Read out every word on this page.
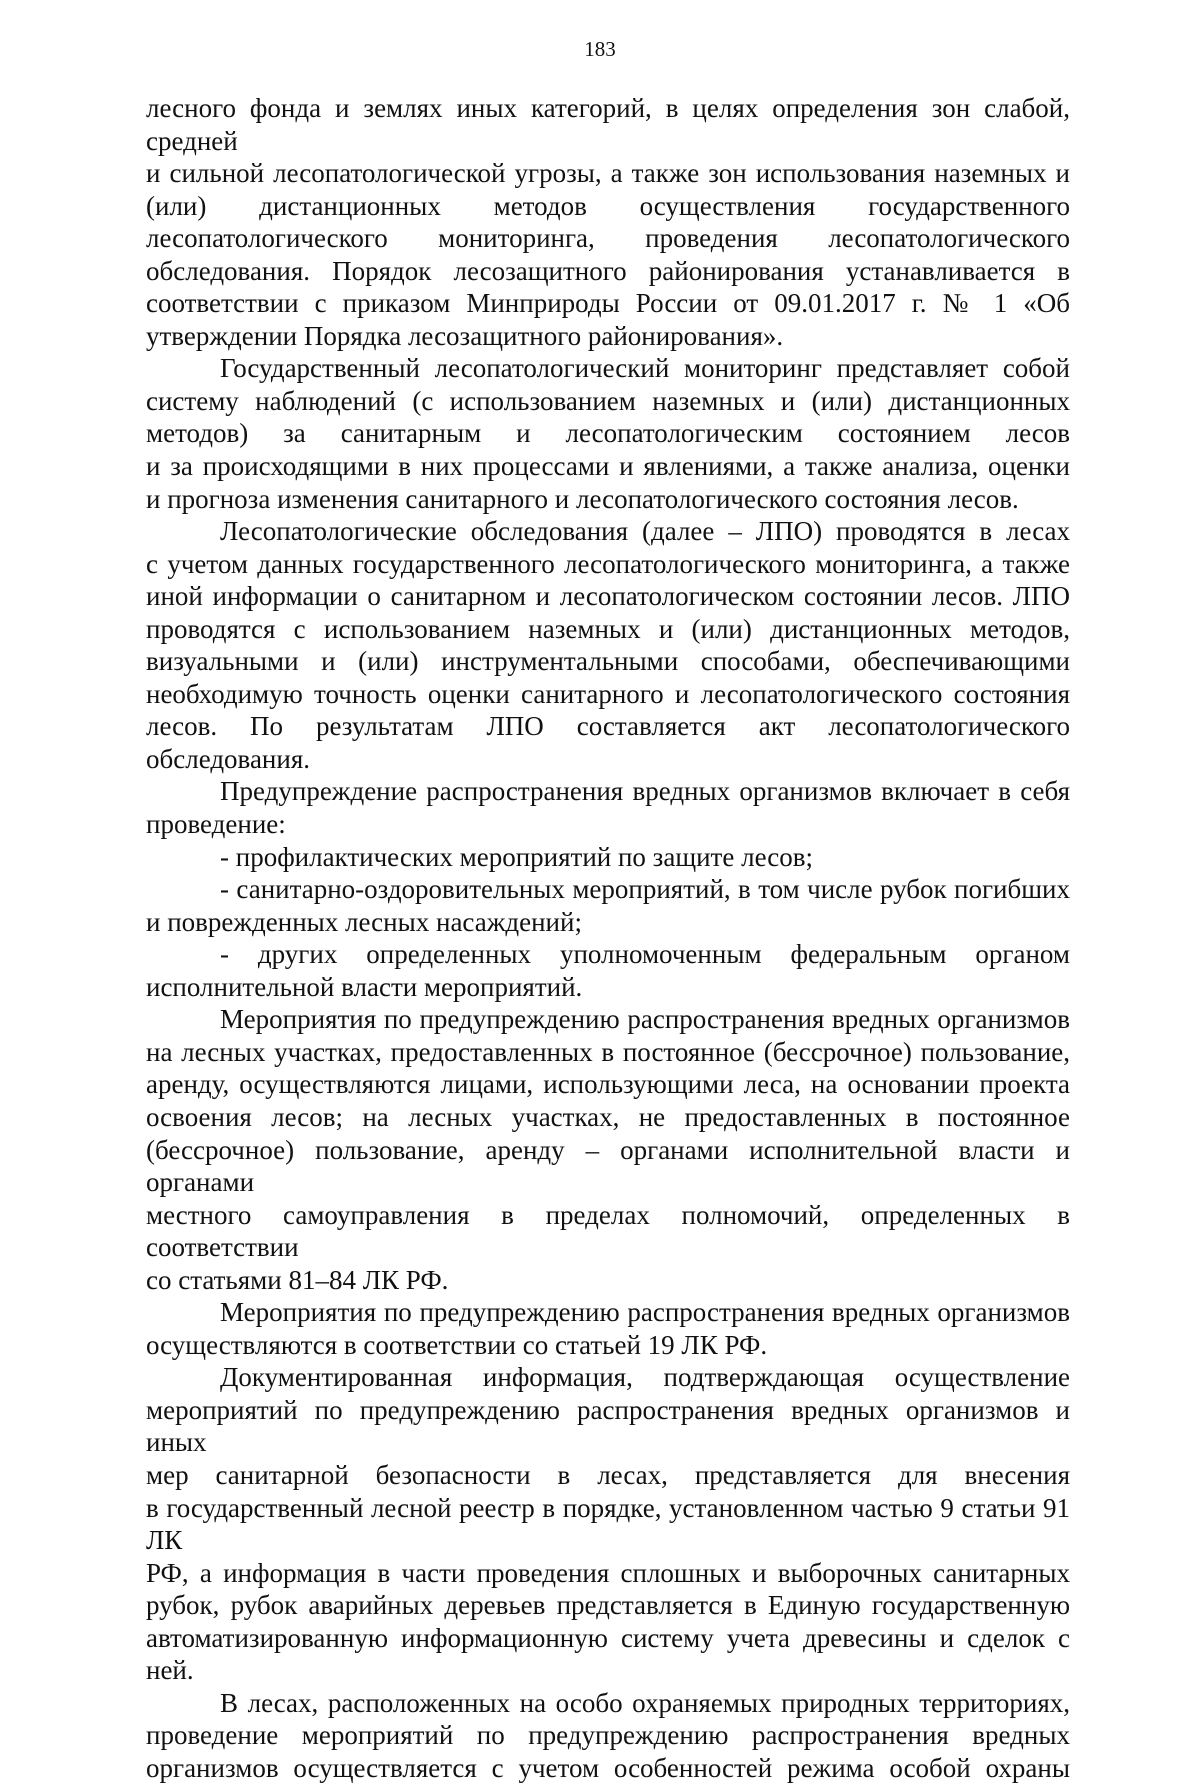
183

лесного фонда и землях иных категорий, в целях определения зон слабой, средней
и сильной лесопатологической угрозы, а также зон использования наземных и
(или) дистанционных методов осуществления государственного
лесопатологического мониторинга, проведения лесопатологического
обследования. Порядок лесозащитного районирования устанавливается в
соответствии с приказом Минприроды России от 09.01.2017 г. № 1 «Об
утверждении Порядка лесозащитного районирования».

Государственный лесопатологический мониторинг представляет собой
систему наблюдений (с использованием наземных и (или) дистанционных
методов) за санитарным и лесопатологическим состоянием лесов
и за происходящими в них процессами и явлениями, а также анализа, оценки
и прогноза изменения санитарного и лесопатологического состояния лесов.

Лесопатологические обследования (далее – ЛПО) проводятся в лесах
с учетом данных государственного лесопатологического мониторинга, а также
иной информации о санитарном и лесопатологическом состоянии лесов. ЛПО
проводятся с использованием наземных и (или) дистанционных методов,
визуальными и (или) инструментальными способами, обеспечивающими
необходимую точность оценки санитарного и лесопатологического состояния
лесов. По результатам ЛПО составляется акт лесопатологического обследования.

Предупреждение распространения вредных организмов включает в себя
проведение:

- профилактических мероприятий по защите лесов;

- санитарно-оздоровительных мероприятий, в том числе рубок погибших
и поврежденных лесных насаждений;

- других определенных уполномоченным федеральным органом
исполнительной власти мероприятий.

Мероприятия по предупреждению распространения вредных организмов
на лесных участках, предоставленных в постоянное (бессрочное) пользование,
аренду, осуществляются лицами, использующими леса, на основании проекта
освоения лесов; на лесных участках, не предоставленных в постоянное
(бессрочное) пользование, аренду – органами исполнительной власти и органами
местного самоуправления в пределах полномочий, определенных в соответствии
со статьями 81–84 ЛК РФ.

Мероприятия по предупреждению распространения вредных организмов
осуществляются в соответствии со статьей 19 ЛК РФ.

Документированная информация, подтверждающая осуществление
мероприятий по предупреждению распространения вредных организмов и иных
мер санитарной безопасности в лесах, представляется для внесения
в государственный лесной реестр в порядке, установленном частью 9 статьи 91 ЛК
РФ, а информация в части проведения сплошных и выборочных санитарных
рубок, рубок аварийных деревьев представляется в Единую государственную
автоматизированную информационную систему учета древесины и сделок с ней.

В лесах, расположенных на особо охраняемых природных территориях,
проведение мероприятий по предупреждению распространения вредных
организмов осуществляется с учетом особенностей режима особой охраны
